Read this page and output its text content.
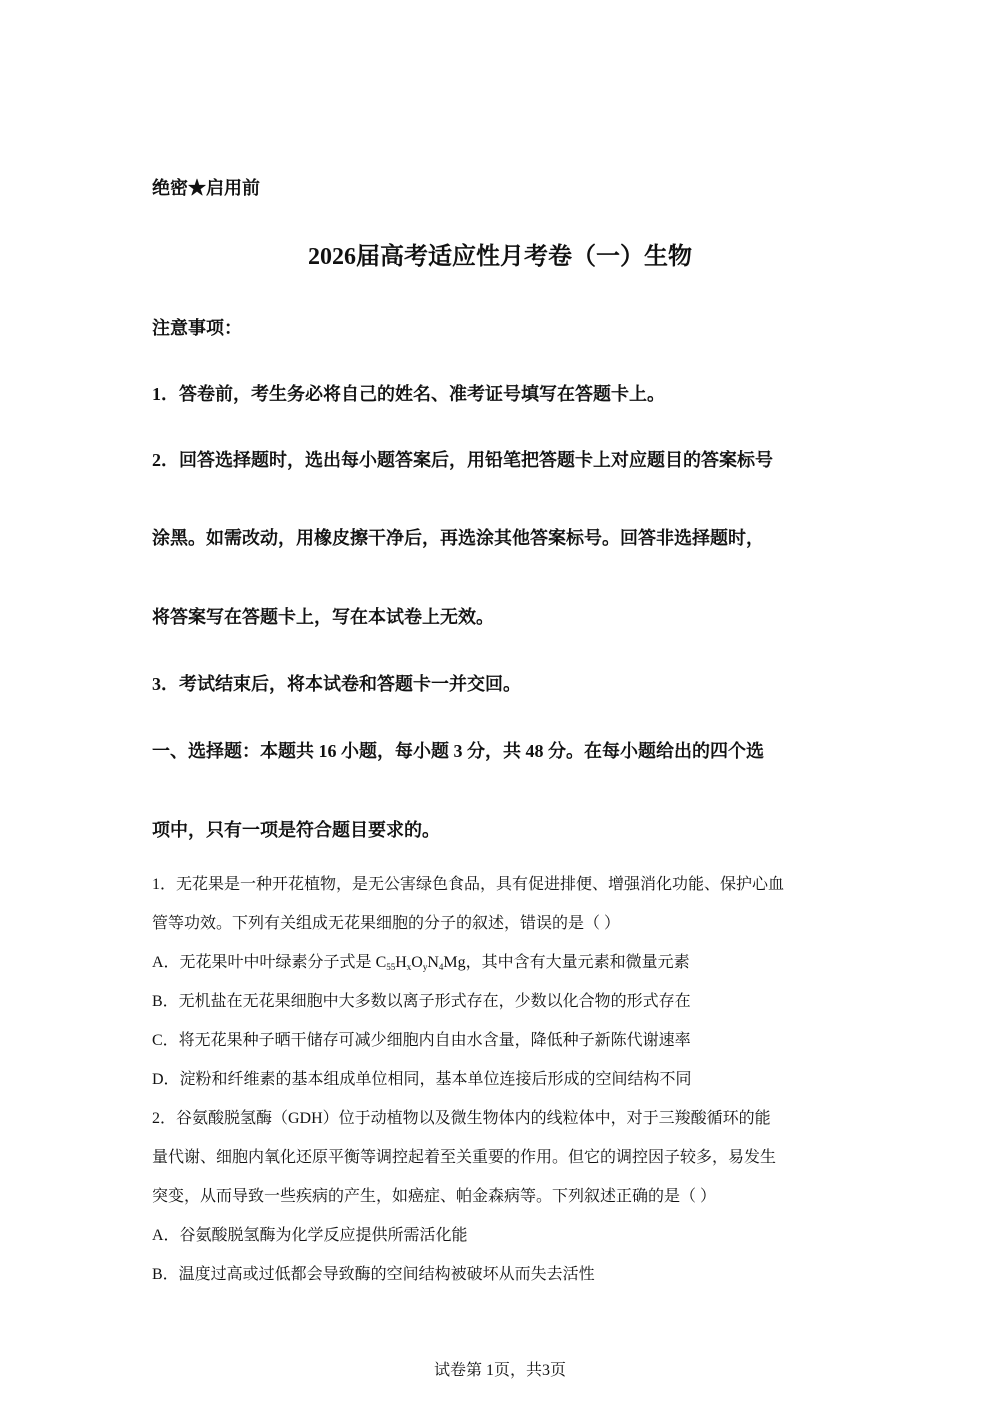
绝密★启用前
2026届高考适应性月考卷（一）生物
注意事项：
1．答卷前，考生务必将自己的姓名、准考证号填写在答题卡上。
2．回答选择题时，选出每小题答案后，用铅笔把答题卡上对应题目的答案标号
涂黑。如需改动，用橡皮擦干净后，再选涂其他答案标号。回答非选择题时，
将答案写在答题卡上，写在本试卷上无效。
3．考试结束后，将本试卷和答题卡一并交回。
一、选择题：本题共 16 小题，每小题 3 分，共 48 分。在每小题给出的四个选
项中，只有一项是符合题目要求的。
1．无花果是一种开花植物，是无公害绿色食品，具有促进排便、增强消化功能、保护心血
管等功效。下列有关组成无花果细胞的分子的叙述，错误的是（ ）
A．无花果叶中叶绿素分子式是 $C_{55}H_xO_yN_4Mg$，其中含有大量元素和微量元素
B．无机盐在无花果细胞中大多数以离子形式存在，少数以化合物的形式存在
C．将无花果种子晒干储存可减少细胞内自由水含量，降低种子新陈代谢速率
D．淀粉和纤维素的基本组成单位相同，基本单位连接后形成的空间结构不同
2．谷氨酸脱氢酶（GDH）位于动植物以及微生物体内的线粒体中，对于三羧酸循环的能
量代谢、细胞内氧化还原平衡等调控起着至关重要的作用。但它的调控因子较多，易发生
突变，从而导致一些疾病的产生，如癌症、帕金森病等。下列叙述正确的是（ ）
A．谷氨酸脱氢酶为化学反应提供所需活化能
B．温度过高或过低都会导致酶的空间结构被破坏从而失去活性
试卷第 1页，共3页
